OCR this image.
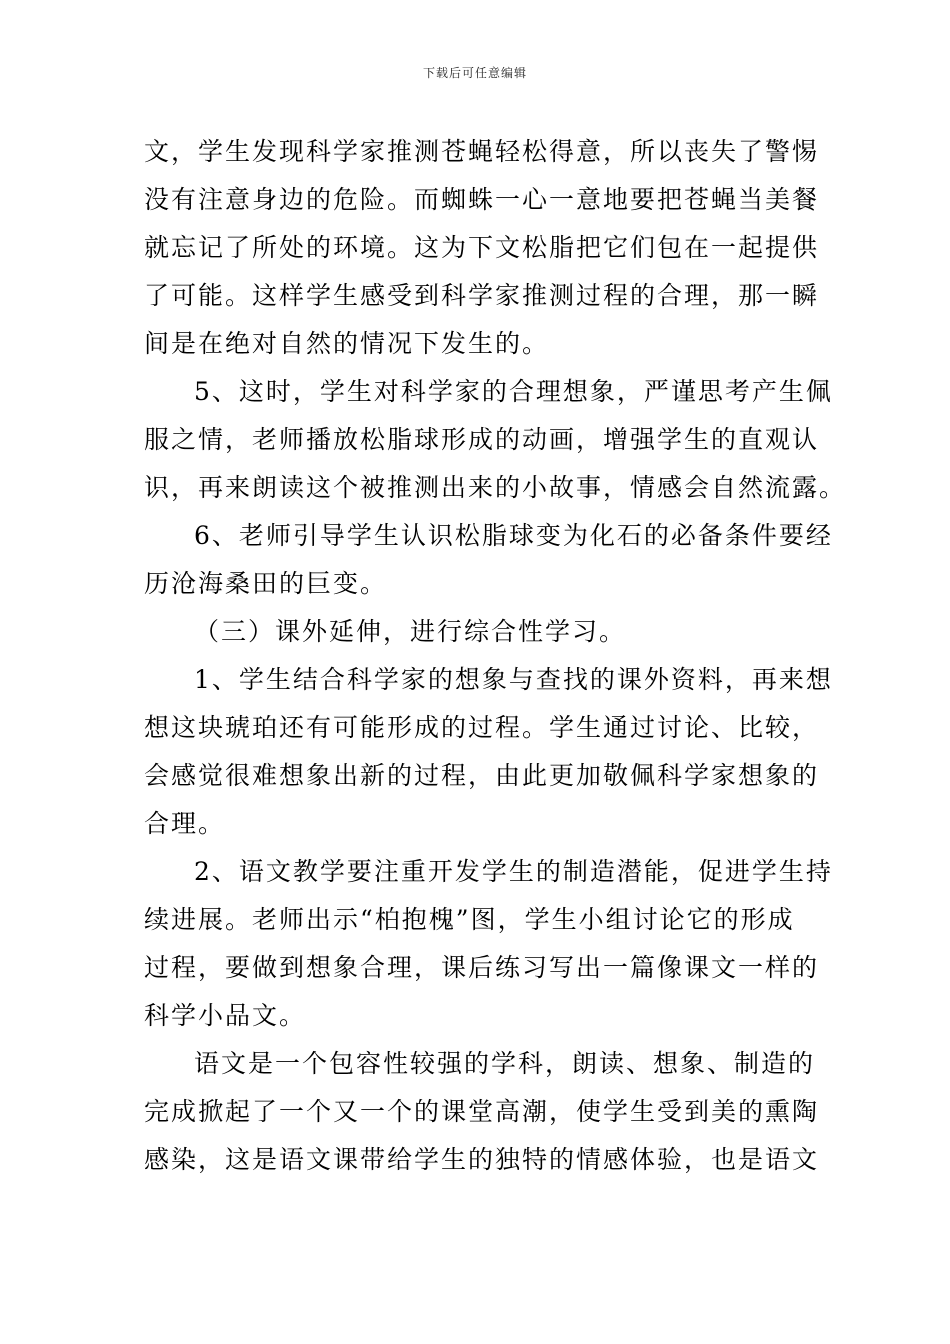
下载后可任意编辑
文，学生发现科学家推测苍蝇轻松得意，所以丧失了警惕
没有注意身边的危险。而蜘蛛一心一意地要把苍蝇当美餐
就忘记了所处的环境。这为下文松脂把它们包在一起提供
了可能。这样学生感受到科学家推测过程的合理，那一瞬
间是在绝对自然的情况下发生的。
5、这时，学生对科学家的合理想象，严谨思考产生佩
服之情，老师播放松脂球形成的动画，增强学生的直观认
识，再来朗读这个被推测出来的小故事，情感会自然流露。
6、老师引导学生认识松脂球变为化石的必备条件要经
历沧海桑田的巨变。
（三）课外延伸，进行综合性学习。
1、学生结合科学家的想象与查找的课外资料，再来想
想这块琥珀还有可能形成的过程。学生通过讨论、比较，
会感觉很难想象出新的过程，由此更加敬佩科学家想象的
合理。
2、语文教学要注重开发学生的制造潜能，促进学生持
续进展。老师出示“柏抱槐”图，学生小组讨论它的形成
过程，要做到想象合理，课后练习写出一篇像课文一样的
科学小品文。
语文是一个包容性较强的学科，朗读、想象、制造的
完成掀起了一个又一个的课堂高潮，使学生受到美的熏陶
感染，这是语文课带给学生的独特的情感体验，也是语文
